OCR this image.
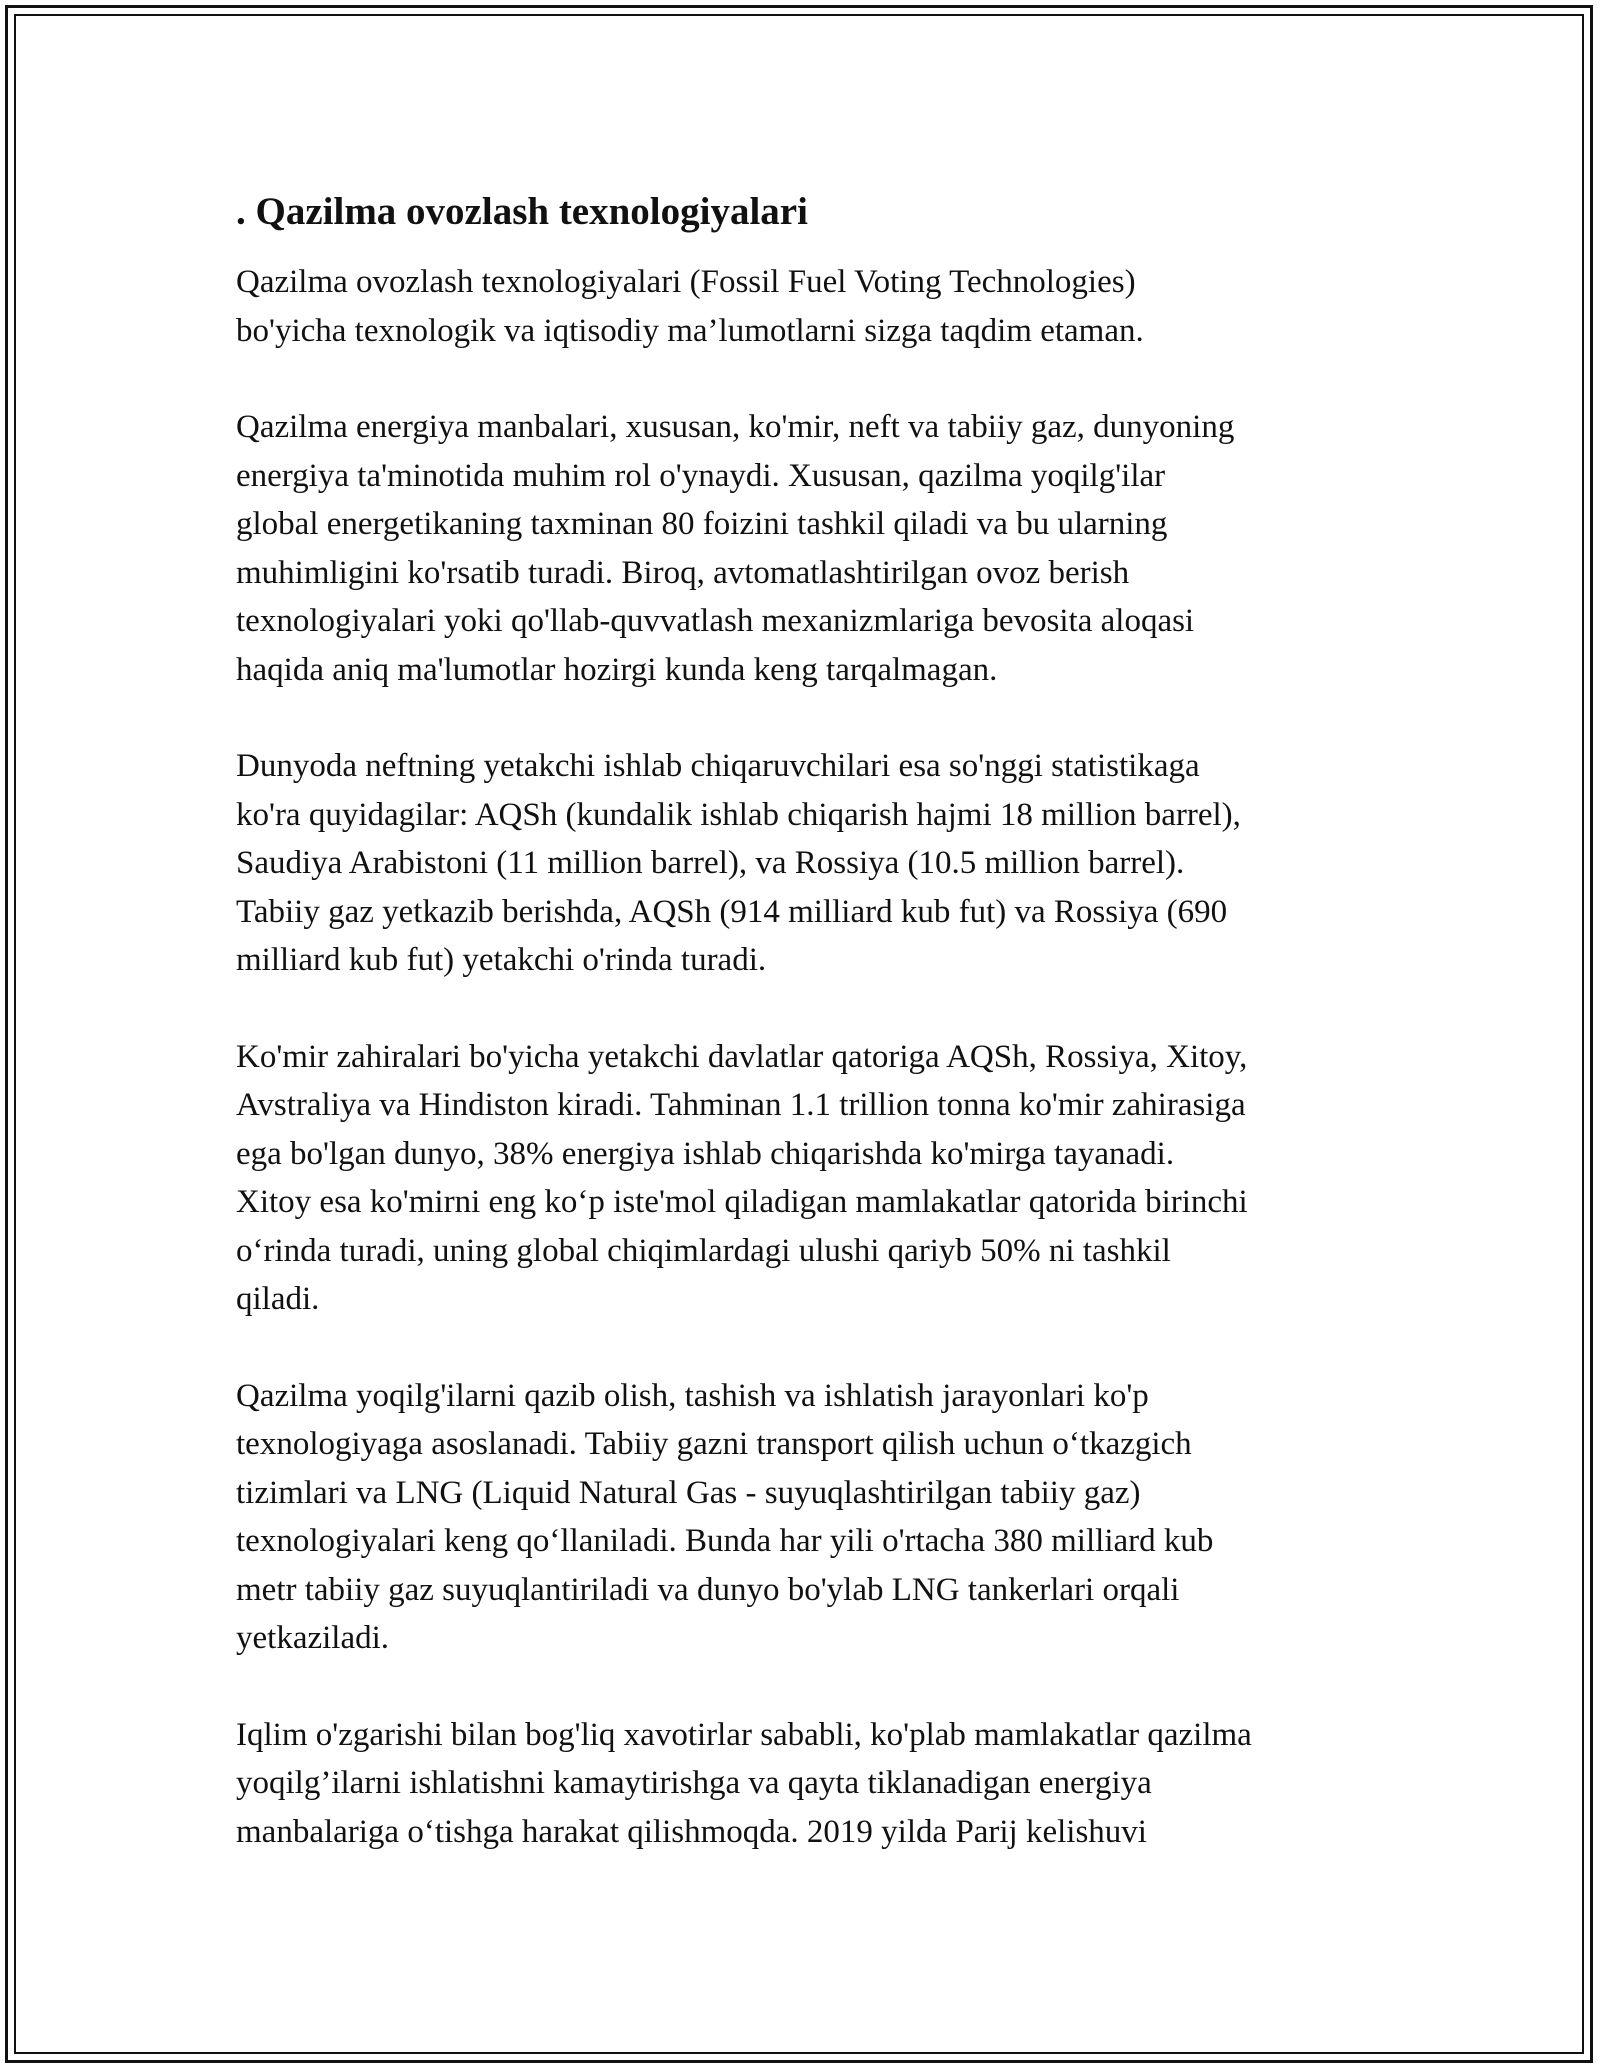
. Qazilma ovozlash texnologiyalari

Qazilma ovozlash texnologiyalari (Fossil Fuel Voting Technologies)
bo'yicha texnologik va iqtisodiy ma’lumotlarni sizga taqdim etaman.

Qazilma energiya manbalari, xususan, ko'mir, neft va tabiiy gaz, dunyoning
energiya ta'minotida muhim rol o'ynaydi. Xususan, qazilma yoqilg'ilar
global energetikaning taxminan 80 foizini tashkil qiladi va bu ularning
muhimligini ko'rsatib turadi. Biroq, avtomatlashtirilgan ovoz berish
texnologiyalari yoki qo'llab-quvvatlash mexanizmlariga bevosita aloqasi
haqida aniq ma'lumotlar hozirgi kunda keng tarqalmagan.

Dunyoda neftning yetakchi ishlab chiqaruvchilari esa so'nggi statistikaga
ko'ra quyidagilar: AQSh (kundalik ishlab chiqarish hajmi 18 million barrel),
Saudiya Arabistoni (11 million barrel), va Rossiya (10.5 million barrel).
Tabiiy gaz yetkazib berishda, AQSh (914 milliard kub fut) va Rossiya (690
milliard kub fut) yetakchi o'rinda turadi.

Ko'mir zahiralari bo'yicha yetakchi davlatlar qatoriga AQSh, Rossiya, Xitoy,
Avstraliya va Hindiston kiradi. Tahminan 1.1 trillion tonna ko'mir zahirasiga
ega bo'lgan dunyo, 38% energiya ishlab chiqarishda ko'mirga tayanadi.
Xitoy esa ko'mirni eng ko‘p iste'mol qiladigan mamlakatlar qatorida birinchi
o‘rinda turadi, uning global chiqimlardagi ulushi qariyb 50% ni tashkil
qiladi.

Qazilma yoqilg'ilarni qazib olish, tashish va ishlatish jarayonlari ko'p
texnologiyaga asoslanadi. Tabiiy gazni transport qilish uchun o‘tkazgich
tizimlari va LNG (Liquid Natural Gas - suyuqlashtirilgan tabiiy gaz)
texnologiyalari keng qo‘llaniladi. Bunda har yili o'rtacha 380 milliard kub
metr tabiiy gaz suyuqlantiriladi va dunyo bo'ylab LNG tankerlari orqali
yetkaziladi.

Iqlim o'zgarishi bilan bog'liq xavotirlar sababli, ko'plab mamlakatlar qazilma
yoqilg’ilarni ishlatishni kamaytirishga va qayta tiklanadigan energiya
manbalariga o‘tishga harakat qilishmoqda. 2019 yilda Parij kelishuvi
